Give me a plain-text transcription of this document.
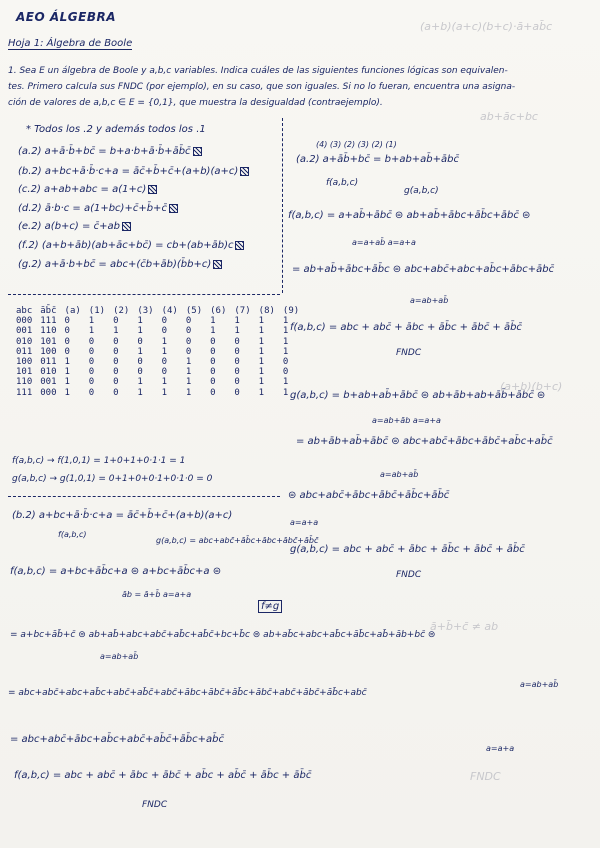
(a+b)(a+c)(b+c)·ā+ab̄c
ab+āc+bc
(a+b)(b+c)
ā+b̄+c̄ ≠ ab
FNDC
AEO ÁLGEBRA
Hoja 1: Álgebra de Boole
1. Sea E un álgebra de Boole y a,b,c variables. Indica cuáles de las siguientes funciones lógicas son equivalen-
tes. Primero calcula sus FNDC (por ejemplo), en su caso, que son iguales. Si no lo fueran, encuentra una asigna-
ción de valores de a,b,c ∈ E = {0,1}, que muestra la desigualdad (contraejemplo).
* Todos los .2 y además todos los .1
(a.2) a+ā·b̄+bc̄ = b+a·b+ā·b̄+āb̄c̄
(b.2) a+bc+ā·b̄·c+a = āc̄+b̄+c̄+(a+b)(a+c)
(c.2) a+ab+abc = a(1+c)
(d.2) ā·b·c = a(1+bc)+c̄+b̄+c̄
(e.2) a(b+c) = c̄+ab
(f.2) (a+b+āb)(ab+āc+bc̄) = cb+(ab+āb)c
(g.2) a+ā·b+bc̄ = abc+(c̄b+āb)(b̄b+c)
(4) (3) (2) (3) (2) (1)
(a.2) a+āb̄+bc̄ = b+ab+ab̄+ābc̄
f(a,b,c)
g(a,b,c)
f(a,b,c) = a+ab̄+ābc̄ ⊜ ab+ab̄+ābc+āb̄c+ābc̄ ⊜
a=a+ab̄ a=a+a
= ab+ab̄+ābc+āb̄c ⊜ abc+abc̄+abc+ab̄c+ābc+ābc̄
a=ab+ab̄
f(a,b,c) = abc + abc̄ + ābc + āb̄c + ābc̄ + āb̄c̄
FNDC
g(a,b,c) = b+ab+ab̄+ābc̄ ⊜ ab+āb+ab+āb̄+ābc̄ ⊜
a=ab+āb a=a+a
= ab+āb+ab̄+ābc̄ ⊜ abc+abc̄+ābc+ābc̄+ab̄c+ab̄c̄
a=ab+ab̄
⊜ abc+abc̄+ābc+ābc̄+āb̄c+āb̄c̄
a=a+a
g(a,b,c) = abc + abc̄ + ābc + āb̄c + ābc̄ + āb̄c̄
FNDC
abc	āb̄c̄	(a)	(1)	(2)	(3)	(4)	(5)	(6)	(7)	(8)	(9)
000	111	0	1	0	1	0	0	1	1	1	1
001	110	0	1	1	1	0	0	1	1	1	1
010	101	0	0	0	0	1	0	0	0	1	1
011	100	0	0	0	1	1	0	0	0	1	1
100	011	1	0	0	0	0	1	0	0	1	0
101	010	1	0	0	0	0	1	0	0	1	0
110	001	1	0	0	1	1	1	0	0	1	1
111	000	1	0	0	1	1	1	0	0	1	1
f(a,b,c) → f(1,0,1) = 1+0+1+0·1·1 = 1
g(a,b,c) → g(1,0,1) = 0+1+0+0·1+0·1·0 = 0
(b.2) a+bc+ā·b̄·c+a = āc̄+b̄+c̄+(a+b)(a+c)
f(a,b,c)
g(a,b,c) = abc+abc̄+āb̄c+ābc+ābc̄+āb̄c̄
f(a,b,c) = a+bc+āb̄c+a ⊜ a+bc+āb̄c+a ⊜
āb = ā+b̄ a=a+a
f≠g
= a+bc+āb̄+c̄ ⊜ ab+ab̄+abc+abc̄+ab̄c+ab̄c̄+bc+b̄c ⊜ ab+ab̄c+abc+ab̄c+āb̄c+ab̄+āb+bc̄ ⊜
a=ab+ab̄
a=ab+ab̄
= abc+abc̄+abc+ab̄c+abc̄+ab̄c̄+abc̄+ābc+ābc̄+āb̄c+ābc̄+abc̄+ābc̄+āb̄c+abc̄
a=a+a
= abc+abc̄+ābc+ab̄c+abc̄+ab̄c̄+āb̄c+ab̄c̄
f(a,b,c) = abc + abc̄ + ābc + ābc̄ + ab̄c + ab̄c̄ + āb̄c + āb̄c̄
FNDC
